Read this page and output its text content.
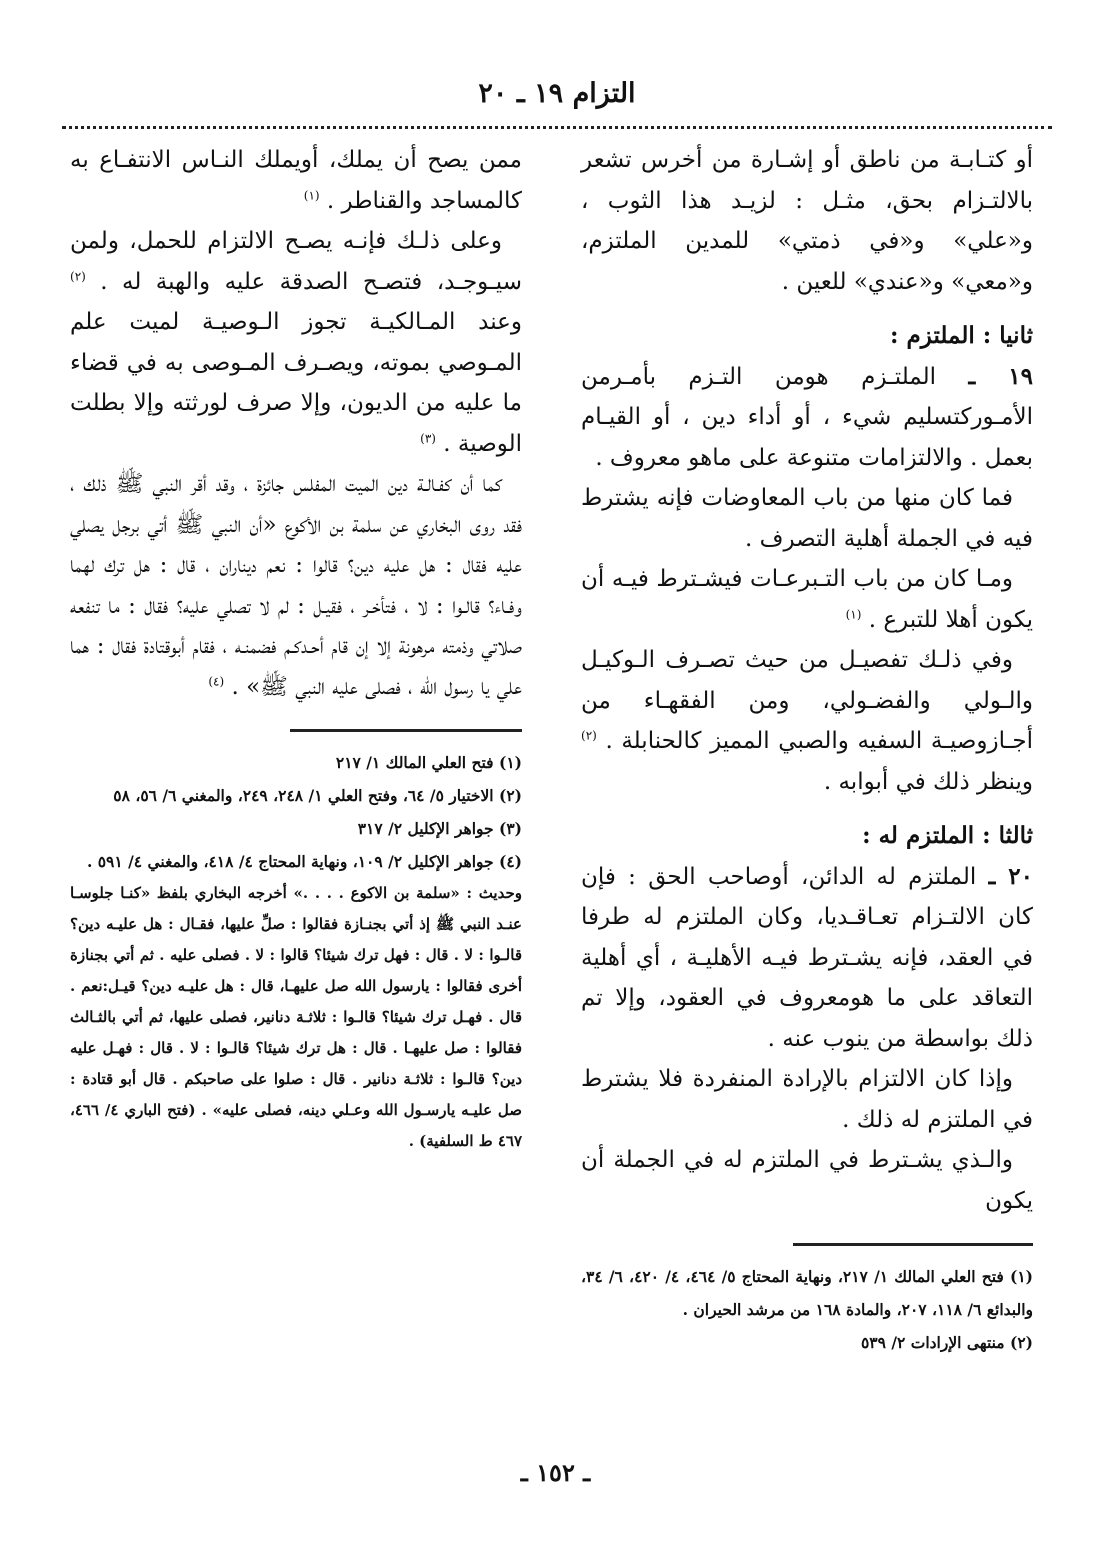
التزام ١٩ ـ ٢٠

أو كتـابـة من ناطق أو إشـارة من أخرس تشعر بالالتـزام بحق، مثـل : لزيـد هذا الثوب ، و«علي» و«في ذمتي» للمدين الملتزم، و«معي» و«عندي» للعين .

ثانيا : الملتزم :

١٩ ـ الملتـزم هومن التـزم بأمـرمن الأمـوركتسليم شيء ، أو أداء دين ، أو القيـام بعمل . والالتزامات متنوعة على ماهو معروف .

فما كان منها من باب المعاوضات فإنه يشترط فيه في الجملة أهلية التصرف .

ومـا كان من باب التـبرعـات فيشـترط فيـه أن يكون أهلا للتبرع . $^{(١)}$

وفي ذلـك تفصيـل من حيث تصـرف الـوكيـل والـولي والفضـولي، ومن الفقهـاء من أجـازوصيـة السفيه والصبي المميز كالحنابلة . $^{(٢)}$ وينظر ذلك في أبوابه .

ثالثا : الملتزم له :

٢٠ ـ الملتزم له الدائن، أوصاحب الحق : فإن كان الالتـزام تعـاقـديا، وكان الملتزم له طرفا في العقد، فإنه يشـترط فيـه الأهليـة ، أي أهلية التعاقد على ما هومعروف في العقود، وإلا تم ذلك بواسطة من ينوب عنه .

وإذا كان الالتزام بالإرادة المنفردة فلا يشترط في الملتزم له ذلك .

والـذي يشـترط في الملتزم له في الجملة أن يكون

(١) فتح العلي المالك ١/ ٢١٧، ونهاية المحتاج ٥/ ٤٦٤، ٤/ ٤٢٠، ٦/ ٣٤، والبدائع ٦/ ١١٨، ٢٠٧، والمادة ١٦٨ من مرشد الحيران .

(٢) منتهى الإرادات ٢/ ٥٣٩

ممن يصح أن يملك، أويملك النـاس الانتفـاع به كالمساجد والقناطر . $^{(١)}$

وعلى ذلـك فإنـه يصـح الالتزام للحمل، ولمن سيـوجـد، فتصـح الصدقة عليه والهبة له . $^{(٢)}$ وعند المـالكيـة تجوز الـوصيـة لميت علم المـوصي بموته، ويصـرف المـوصى به في قضاء ما عليه من الديون، وإلا صرف لورثته وإلا بطلت الوصية . $^{(٣)}$

كما أن كفـالـة دين الميت المفلس جائزة ، وقد أقر النبي ﷺ ذلك ، فقد روى البخاري عن سلمة بن الأكوع «أن النبي ﷺ أتي برجل يصلي عليه فقال : هل عليه دين؟ قالوا : نعم ديناران ، قال : هل ترك لهما وفـاء؟ قالـوا : لا ، فتأخـر ، فقيـل : لم لا تصلي عليه؟ فقال : ما تنفعه صلاتي وذمته مرهونة إلا إن قام أحـدكـم فضمنـه ، فقام أبوقتادة فقال : هما علي يا رسول الله ، فصلى عليه النبي ﷺ» . $^{(٤)}$

(١) فتح العلي المالك ١/ ٢١٧

(٢) الاختيار ٥/ ٦٤، وفتح العلي ١/ ٢٤٨، ٢٤٩، والمغني ٦/ ٥٦، ٥٨

(٣) جواهر الإكليل ٢/ ٣١٧

(٤) جواهر الإكليل ٢/ ١٠٩، ونهاية المحتاج ٤/ ٤١٨، والمغني ٤/ ٥٩١ .

وحديث : «سلمة بن الاكوع . . . .» أخرجه البخاري بلفظ «كنـا جلوسـا عنـد النبي ﷺ إذ أتي بجنـازة فقالوا : صلِّ عليها، فقـال : هل عليـه دين؟ قالـوا : لا . قال : فهل ترك شيئا؟ قالوا : لا . فصلى عليه . ثم أتي بجنازة أخرى فقالوا : يارسول الله صل عليهـا، قال : هل عليـه دين؟ قيـل:نعم . قال . فهـل ترك شيئا؟ قالـوا : ثلاثـة دنانير، فصلى عليها، ثم أتي بالثـالث فقالوا : صل عليهـا . قال : هل ترك شيئا؟ قالـوا : لا . قال : فهـل عليه دين؟ قالـوا : ثلاثـة دنانير . قال : صلوا على صاحبكم . قال أبو قتادة : صل عليـه يارسـول الله وعـلي دينه، فصلى عليه» . (فتح الباري ٤/ ٤٦٦، ٤٦٧ ط السلفية) .

ـ ١٥٢ ـ
